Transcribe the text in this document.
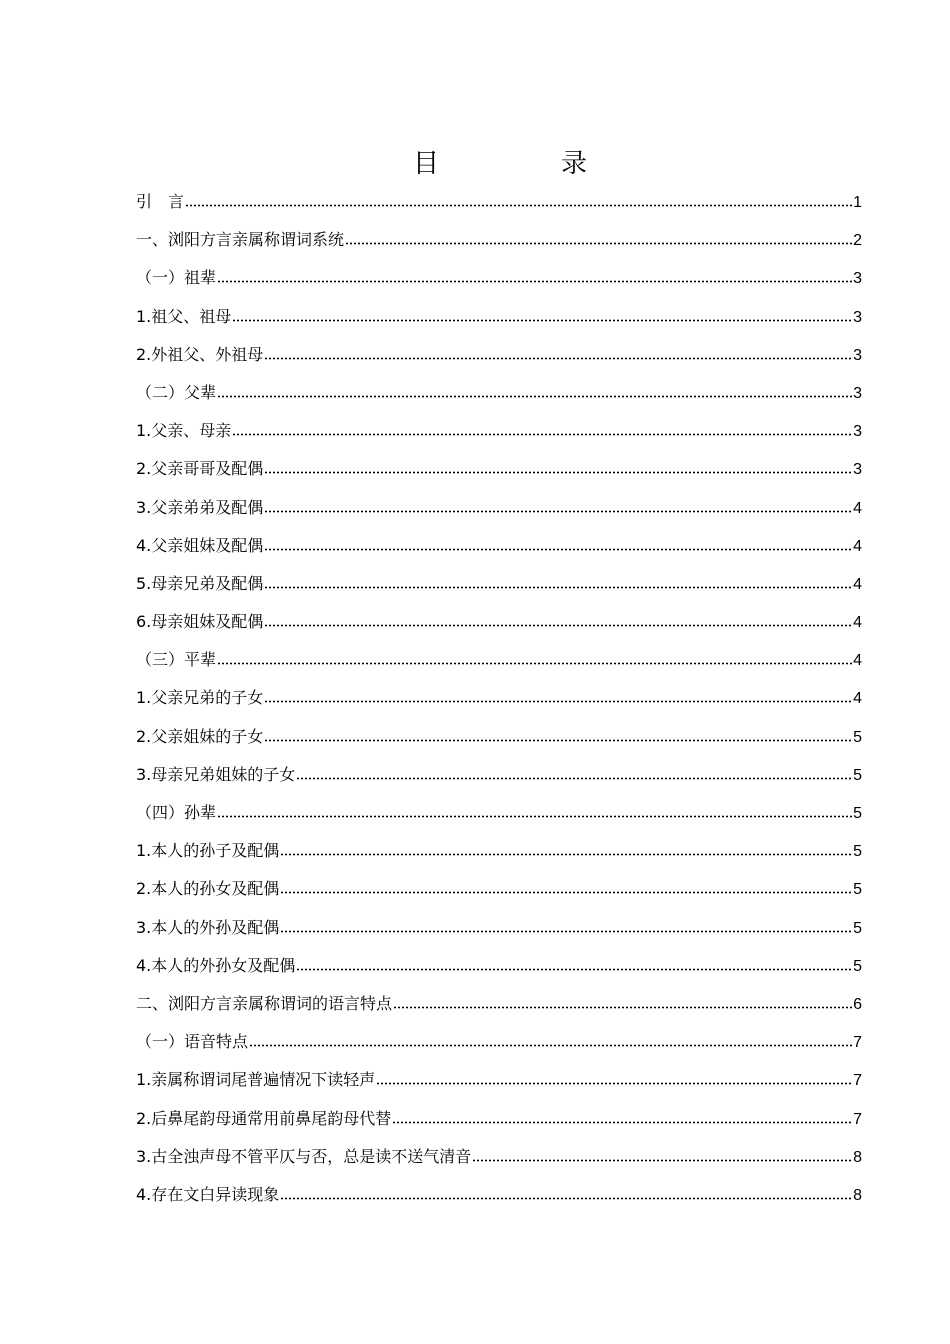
目　录
引　言	1
一、浏阳方言亲属称谓词系统	2
（一）祖辈	3
1.祖父、祖母	3
2.外祖父、外祖母	3
（二）父辈	3
1.父亲、母亲	3
2.父亲哥哥及配偶	3
3.父亲弟弟及配偶	4
4.父亲姐妹及配偶	4
5.母亲兄弟及配偶	4
6.母亲姐妹及配偶	4
（三）平辈	4
1.父亲兄弟的子女	4
2.父亲姐妹的子女	5
3.母亲兄弟姐妹的子女	5
（四）孙辈	5
1.本人的孙子及配偶	5
2.本人的孙女及配偶	5
3.本人的外孙及配偶	5
4.本人的外孙女及配偶	5
二、浏阳方言亲属称谓词的语言特点	6
（一）语音特点	7
1.亲属称谓词尾普遍情况下读轻声	7
2.后鼻尾韵母通常用前鼻尾韵母代替	7
3.古全浊声母不管平仄与否，总是读不送气清音	8
4.存在文白异读现象	8
